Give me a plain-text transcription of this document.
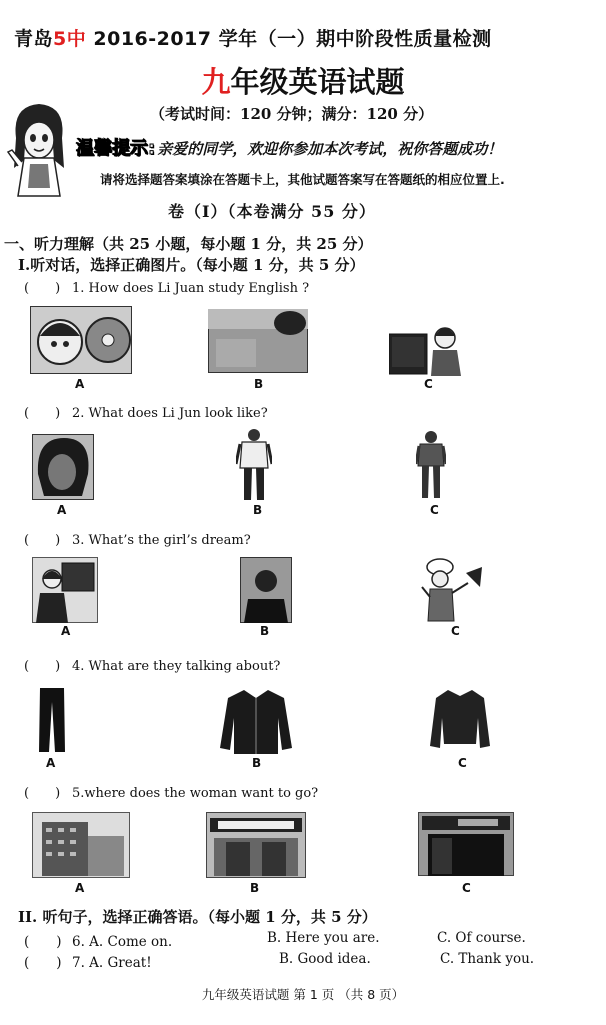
青岛5中 2016-2017 学年（一）期中阶段性质量检测
九年级英语试题
（考试时间：120 分钟；满分：120 分）
温馨提示: 亲爱的同学，欢迎你参加本次考试，祝你答题成功！
请将选择题答案填涂在答题卡上，其他试题答案写在答题纸的相应位置上.
卷（Ⅰ）（本卷满分 55 分）
一、听力理解（共 25 小题，每小题 1 分，共 25 分）
I.听对话，选择正确图片。（每小题 1 分，共 5 分）
(　　) 1. How does Li Juan study English ?
A	B	C
(　　) 2. What does Li Jun look like?
A	B	C
(　　) 3. What’s the girl’s dream?
A	B	C
(　　) 4. What are they talking about?
A	B	C
(　　) 5.where does the woman want to go?
A	B	C
II. 听句子，选择正确答语。（每小题 1 分，共 5 分）
(　　) 6. A. Come on.	B. Here you are.	C. Of course.
(　　) 7. A. Great!	B. Good idea.	C. Thank you.
九年级英语试题 第 1 页 （共 8 页）
